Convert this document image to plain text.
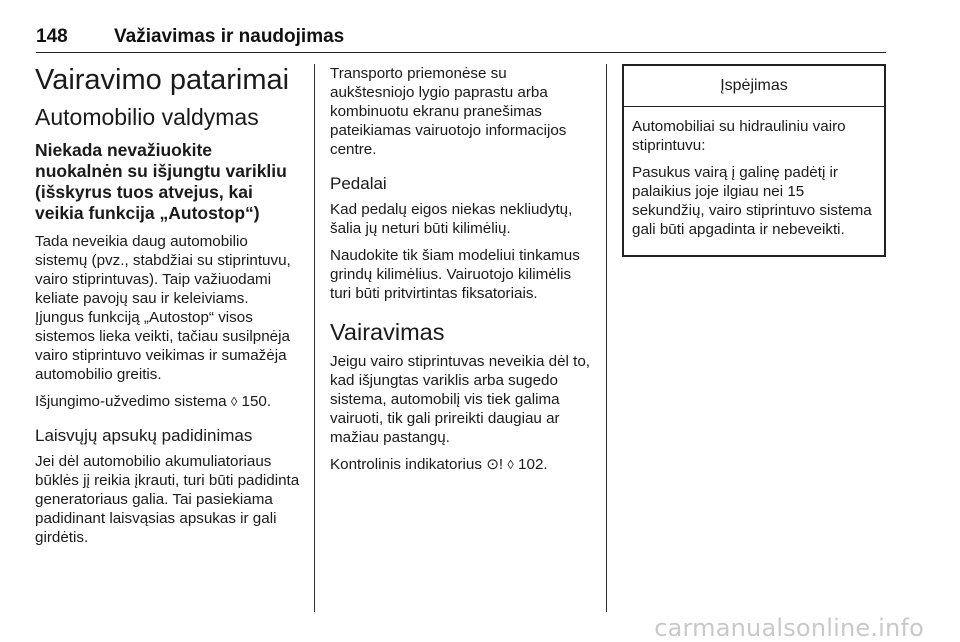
148 Važiavimas ir naudojimas
Vairavimo patarimai
Automobilio valdymas
Niekada nevažiuokite nuokalnėn su išjungtu varikliu (išskyrus tuos atvejus, kai veikia funkcija „Autostop“)

Tada neveikia daug automobilio sistemų (pvz., stabdžiai su stiprintuvu, vairo stiprintuvas). Taip važiuodami keliate pavojų sau ir keleiviams. Įjungus funkciją „Autostop“ visos sistemos lieka veikti, tačiau susilpnėja vairo stiprintuvo veikimas ir sumažėja automobilio greitis.

Išjungimo-užvedimo sistema ◊ 150.

Laisvųjų apsukų padidinimas

Jei dėl automobilio akumuliatoriaus būklės jį reikia įkrauti, turi būti padidinta generatoriaus galia. Tai pasiekiama padidinant laisvąsias apsukas ir gali girdėtis.

Transporto priemonėse su aukštesniojo lygio paprastu arba kombinuotu ekranu pranešimas pateikiamas vairuotojo informacijos centre.

Pedalai

Kad pedalų eigos niekas nekliudytų, šalia jų neturi būti kilimėlių.

Naudokite tik šiam modeliui tinkamus grindų kilimėlius. Vairuotojo kilimėlis turi būti pritvirtintas fiksatoriais.

Vairavimas

Jeigu vairo stiprintuvas neveikia dėl to, kad išjungtas variklis arba sugedo sistema, automobilį vis tiek galima vairuoti, tik gali prireikti daugiau ar mažiau pastangų.

Kontrolinis indikatorius ⊙! ◊ 102.

Įspėjimas

Automobiliai su hidrauliniu vairo stiprintuvu:

Pasukus vairą į galinę padėtį ir palaikius joje ilgiau nei 15 sekundžių, vairo stiprintuvo sistema gali būti apgadinta ir nebeveikti.

carmanualsonline.info
